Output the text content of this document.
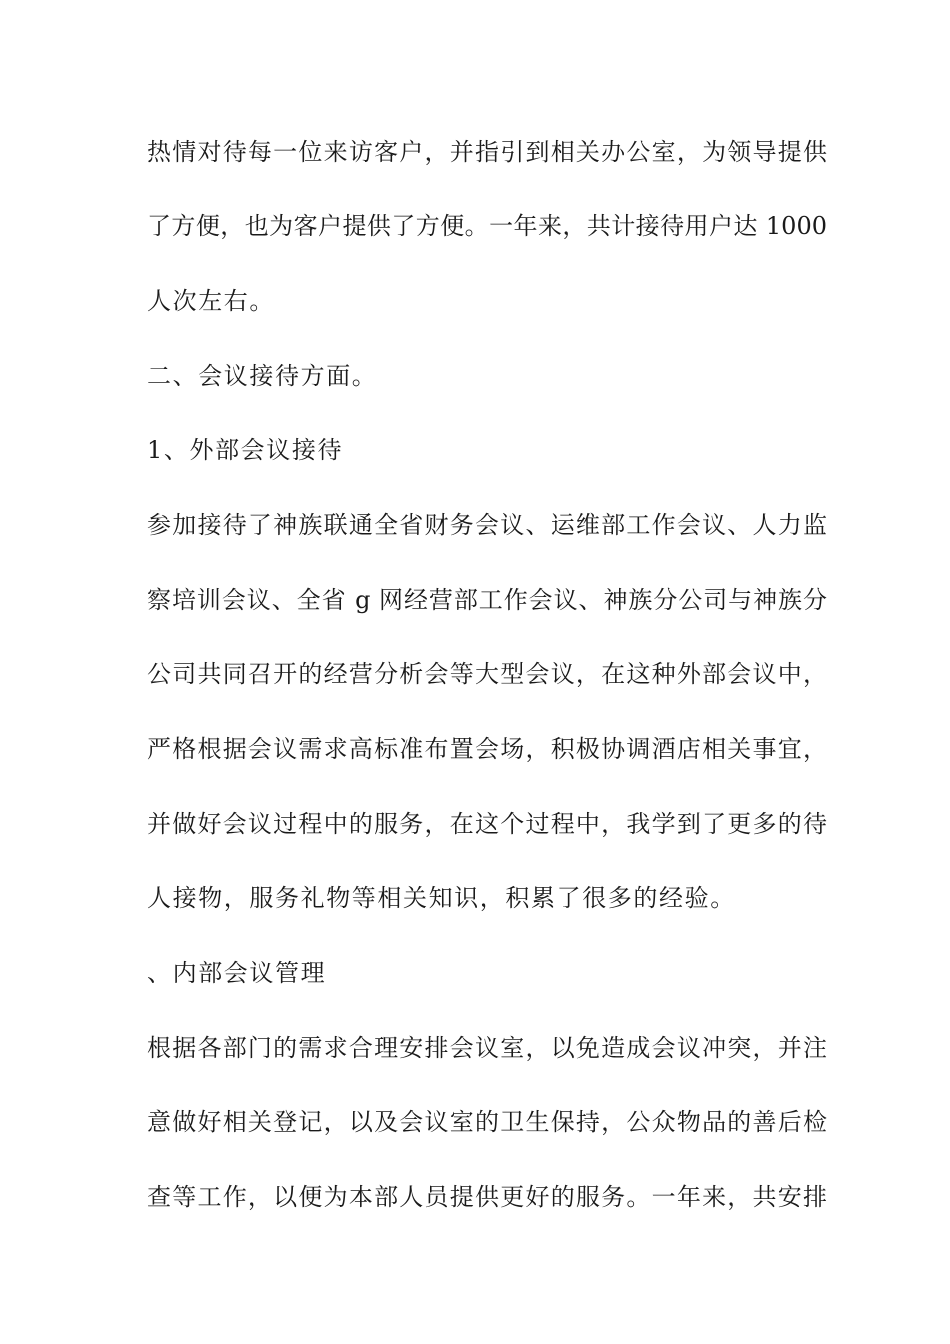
热情对待每一位来访客户，并指引到相关办公室，为领导提供
了方便，也为客户提供了方便。一年来，共计接待用户达 1000
人次左右。
二、会议接待方面。
1、外部会议接待
参加接待了神族联通全省财务会议、运维部工作会议、人力监
察培训会议、全省 g 网经营部工作会议、神族分公司与神族分
公司共同召开的经营分析会等大型会议，在这种外部会议中，
严格根据会议需求高标准布置会场，积极协调酒店相关事宜，
并做好会议过程中的服务，在这个过程中，我学到了更多的待
人接物，服务礼物等相关知识，积累了很多的经验。
、内部会议管理
根据各部门的需求合理安排会议室，以免造成会议冲突，并注
意做好相关登记，以及会议室的卫生保持，公众物品的善后检
查等工作，以便为本部人员提供更好的服务。一年来，共安排
